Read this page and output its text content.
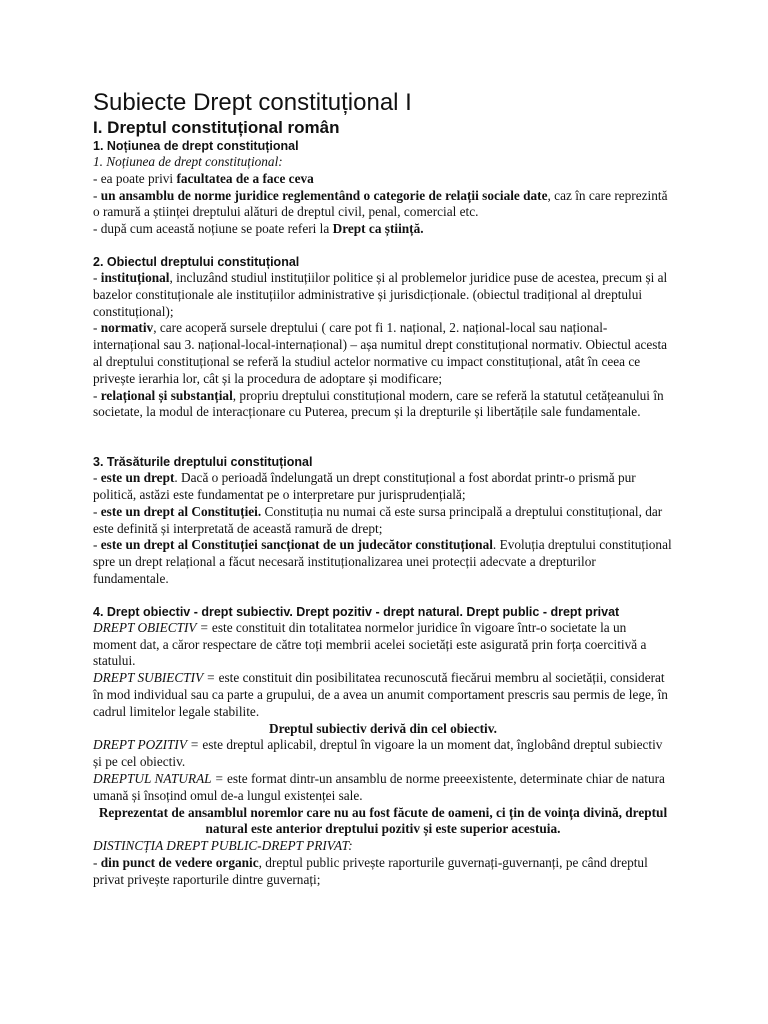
Subiecte Drept constituțional I
I. Dreptul constituțional român
1. Noțiunea de drept constituțional

1. Noțiunea de drept constituțional:

- ea poate privi facultatea de a face ceva

- un ansamblu de norme juridice reglementând o categorie de relații sociale date, caz în care reprezintă o ramură a științei dreptului alături de dreptul civil, penal, comercial etc.

- după cum această noțiune se poate referi la Drept ca știință.

2. Obiectul dreptului constituțional

- instituțional, incluzând studiul instituțiilor politice și al problemelor juridice puse de acestea, precum și al bazelor constituționale ale instituțiilor administrative și jurisdicționale. (obiectul tradițional al dreptului constituțional);

- normativ, care acoperă sursele dreptului ( care pot fi 1. național, 2. național-local sau național-internațional sau 3. național-local-internațional) – așa numitul drept constituțional normativ. Obiectul acesta al dreptului constituțional se referă la studiul actelor normative cu impact constituțional, atât în ceea ce privește ierarhia lor, cât și la procedura de adoptare și modificare;

- relațional și substanțial, propriu dreptului constituțional modern, care se referă la statutul cetățeanului în societate, la modul de interacționare cu Puterea, precum și la drepturile și libertățile sale fundamentale.

3. Trăsăturile dreptului constituțional

- este un drept. Dacă o perioadă îndelungată un drept constituțional a fost abordat printr-o prismă pur politică, astăzi este fundamentat pe o interpretare pur jurisprudențială;

- este un drept al Constituției. Constituția nu numai că este sursa principală a dreptului constituțional, dar este definită și interpretată de această ramură de drept;

- este un drept al Constituției sancționat de un judecător constituțional. Evoluția dreptului constituțional spre un drept relațional a făcut necesară instituționalizarea unei protecții adecvate a drepturilor fundamentale.

4. Drept obiectiv - drept subiectiv. Drept pozitiv - drept natural. Drept public - drept privat

DREPT OBIECTIV = este constituit din totalitatea normelor juridice în vigoare într-o societate la un moment dat, a căror respectare de către toți membrii acelei societăți este asigurată prin forța coercitivă a statului.

DREPT SUBIECTIV = este constituit din posibilitatea recunoscută fiecărui membru al societății, considerat în mod individual sau ca parte a grupului, de a avea un anumit comportament prescris sau permis de lege, în cadrul limitelor legale stabilite.

Dreptul subiectiv derivă din cel obiectiv.

DREPT POZITIV = este dreptul aplicabil, dreptul în vigoare la un moment dat, înglobând dreptul subiectiv și pe cel obiectiv.

DREPTUL NATURAL = este format dintr-un ansamblu de norme preeexistente, determinate chiar de natura umană și însoțind omul de-a lungul existenței sale.

Reprezentat de ansamblul noremlor care nu au fost făcute de oameni, ci țin de voința divină, dreptul natural este anterior dreptului pozitiv și este superior acestuia.

DISTINCȚIA DREPT PUBLIC-DREPT PRIVAT:

- din punct de vedere organic, dreptul public privește raporturile guvernați-guvernanți, pe când dreptul privat privește raporturile dintre guvernați;
